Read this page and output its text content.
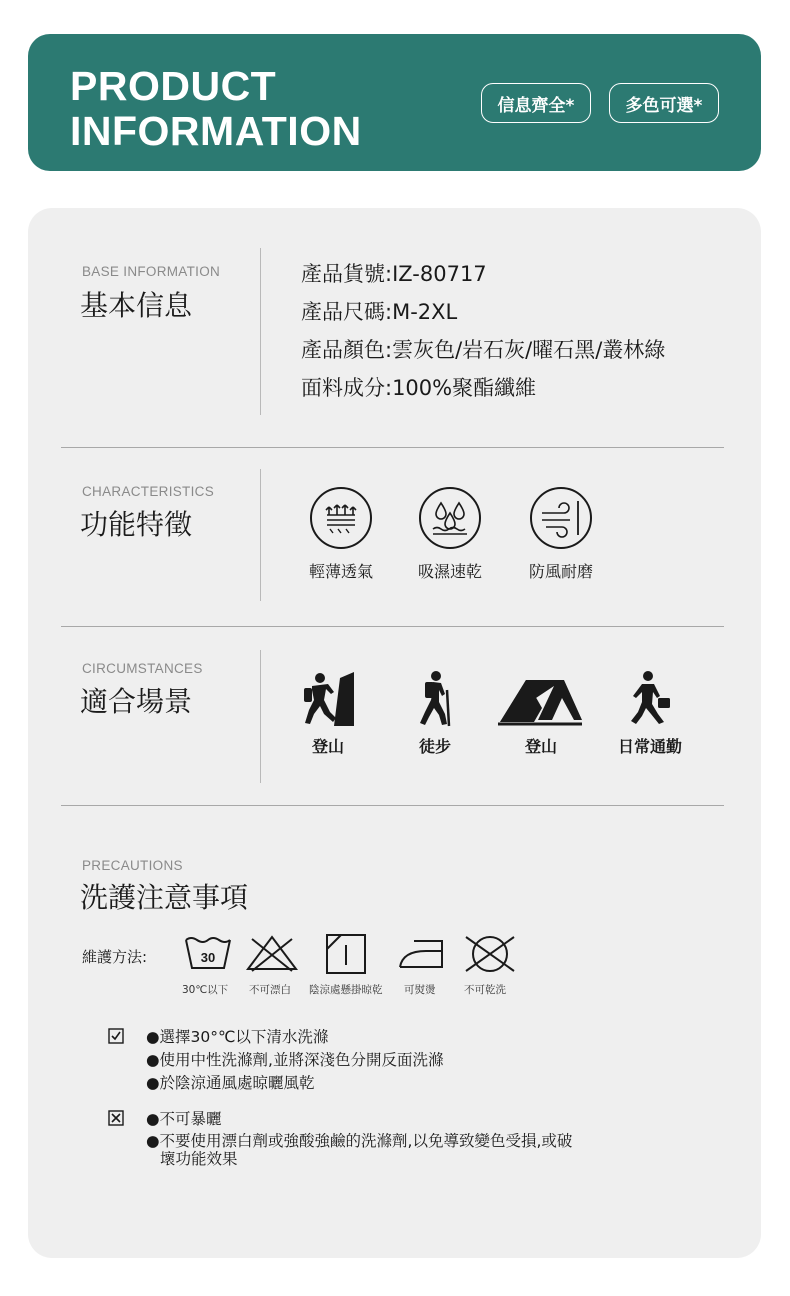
PRODUCT
INFORMATION
信息齊全*	多色可選*
BASE INFORMATION
基本信息
產品貨號:IZ-80717
產品尺碼:M-2XL
產品顏色:雲灰色/岩石灰/曜石黑/叢林綠
面料成分:100%聚酯纖維
CHARACTERISTICS
功能特徵
輕薄透氣	吸濕速乾	防風耐磨
CIRCUMSTANCES
適合場景
登山	徒步	登山	日常通勤
PRECAUTIONS
洗護注意事項
維護方法:	30
30℃以下 不可漂白 陰涼處懸掛晾乾 可熨燙	不可乾洗
●選擇30°℃以下清水洗滌
●使用中性洗滌劑,並將深淺色分開反面洗滌
●於陰涼通風處晾曬風乾
●不可暴曬
●不要使用漂白劑或強酸強鹼的洗滌劑,以免導致變色受損,或破
壞功能效果
